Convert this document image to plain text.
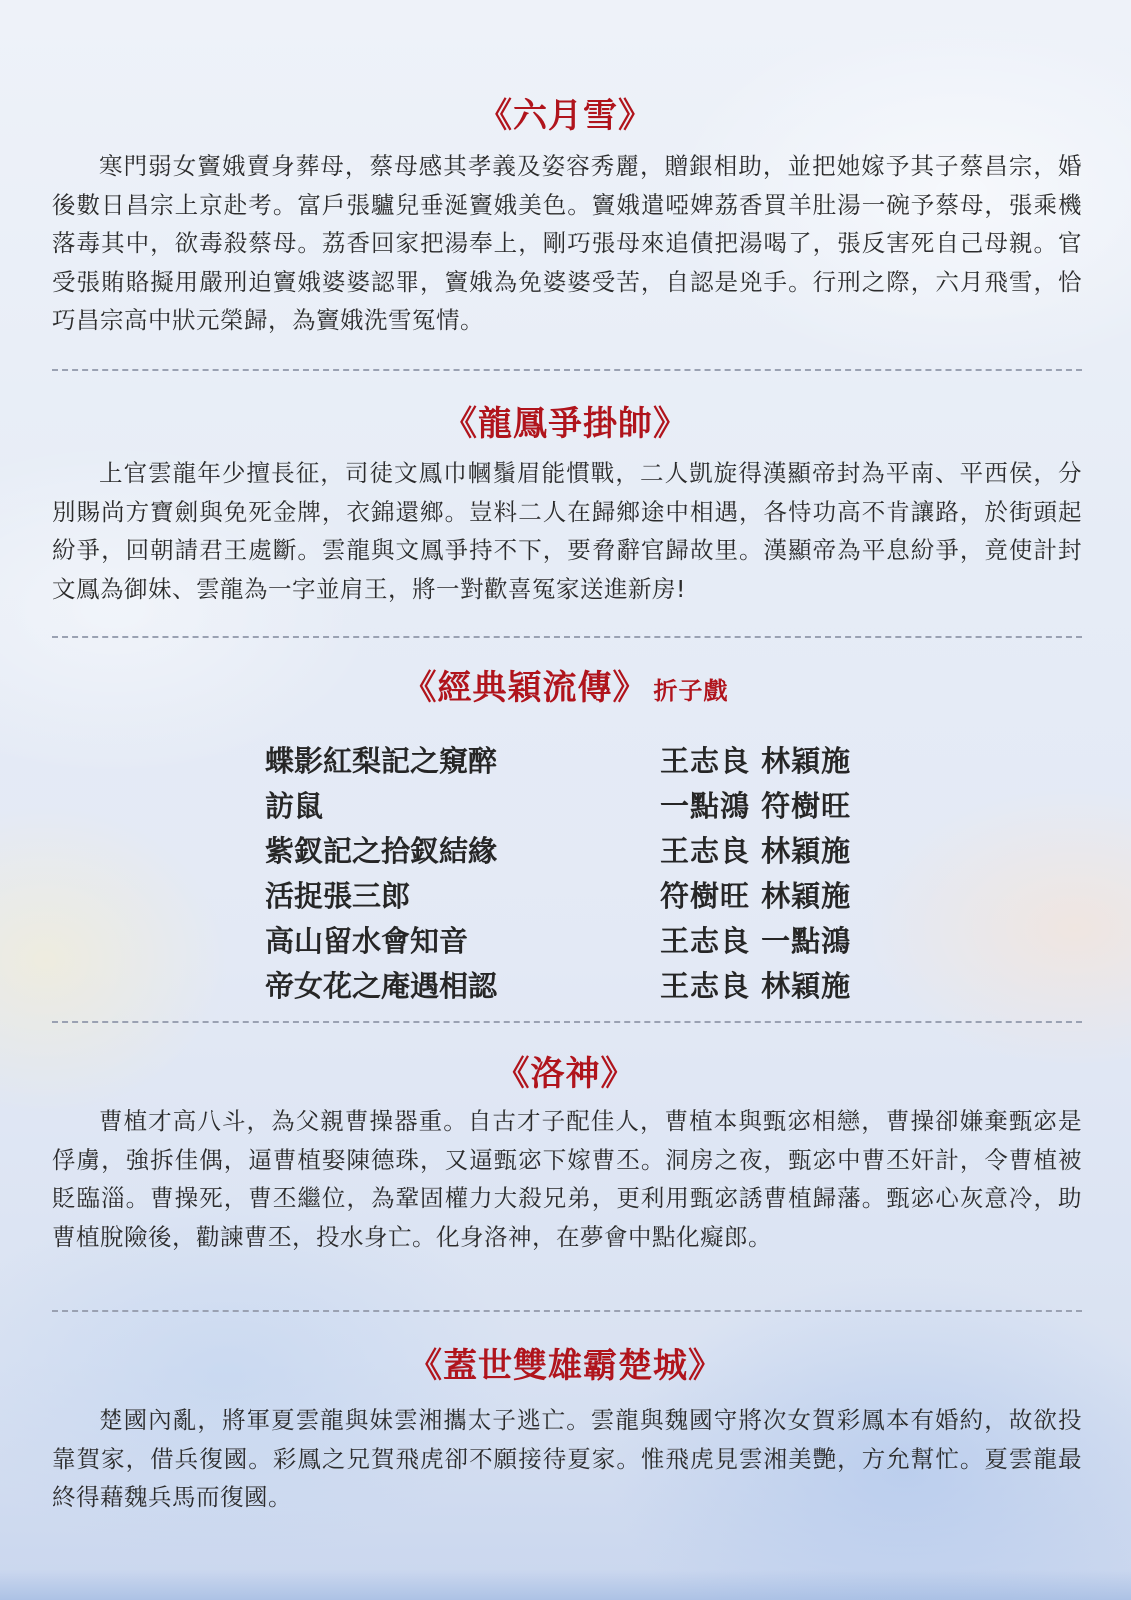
《六月雪》

寒門弱女竇娥賣身葬母，蔡母感其孝義及姿容秀麗，贈銀相助，並把她嫁予其子蔡昌宗，婚後數日昌宗上京赴考。富戶張驢兒垂涎竇娥美色。竇娥遣啞婢荔香買羊肚湯一碗予蔡母，張乘機落毒其中，欲毒殺蔡母。荔香回家把湯奉上，剛巧張母來追債把湯喝了，張反害死自己母親。官受張賄賂擬用嚴刑迫竇娥婆婆認罪，竇娥為免婆婆受苦，自認是兇手。行刑之際，六月飛雪，恰巧昌宗高中狀元榮歸，為竇娥洗雪冤情。

《龍鳳爭掛帥》

上官雲龍年少擅長征，司徒文鳳巾幗鬚眉能慣戰，二人凱旋得漢顯帝封為平南、平西侯，分別賜尚方寶劍與免死金牌，衣錦還鄉。豈料二人在歸鄉途中相遇，各恃功高不肯讓路，於街頭起紛爭，回朝請君王處斷。雲龍與文鳳爭持不下，要脅辭官歸故里。漢顯帝為平息紛爭，竟使計封文鳳為御妹、雲龍為一字並肩王，將一對歡喜冤家送進新房!

《經典穎流傳》 折子戲
蝶影紅梨記之窺醉	王志良 林穎施
訪鼠	一點鴻 符樹旺
紫釵記之拾釵結緣	王志良 林穎施
活捉張三郎	符樹旺 林穎施
高山留水會知音	王志良 一點鴻
帝女花之庵遇相認	王志良 林穎施
《洛神》

曹植才高八斗，為父親曹操器重。自古才子配佳人，曹植本與甄宓相戀，曹操卻嫌棄甄宓是俘虜，強拆佳偶，逼曹植娶陳德珠，又逼甄宓下嫁曹丕。洞房之夜，甄宓中曹丕奸計，令曹植被貶臨淄。曹操死，曹丕繼位，為鞏固權力大殺兄弟，更利用甄宓誘曹植歸藩。甄宓心灰意冷，助曹植脫險後，勸諫曹丕，投水身亡。化身洛神，在夢會中點化癡郎。

《蓋世雙雄霸楚城》

楚國內亂，將軍夏雲龍與妹雲湘攜太子逃亡。雲龍與魏國守將次女賀彩鳳本有婚約，故欲投靠賀家，借兵復國。彩鳳之兄賀飛虎卻不願接待夏家。惟飛虎見雲湘美艷，方允幫忙。夏雲龍最終得藉魏兵馬而復國。
